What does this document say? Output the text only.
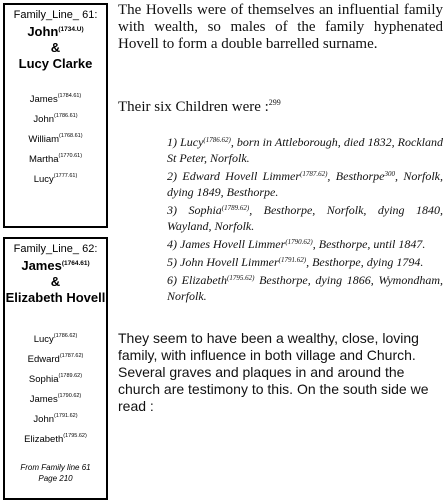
Family_Line_ 61:
John$^{(1734.U)}$
&
Lucy Clarke
James$^{(1784.61)}$
John$^{(1786.61)}$
William$^{(1768.61)}$
Martha$^{(1770.61)}$
Lucy$^{(1777.61)}$
Family_Line_ 62:
James$^{(1764.61)}$
&
Elizabeth Hovell
Lucy$^{(1786.62)}$
Edward$^{(1787.62)}$
Sophia$^{(1789.62)}$
James$^{(1790.62)}$
John$^{(1791.62)}$
Elizabeth$^{(1795.62)}$
From Family line 61
Page 210
The Hovells were of themselves an influential family with wealth, so males of the family hyphenated Hovell to form a double barrelled surname.
Their six Children were :$^{299}$

1) Lucy$^{(1786.62)}$, born in Attleborough, died 1832, Rockland St Peter, Norfolk.

2) Edward Hovell Limmer$^{(1787.62)}$, Besthorpe$^{300}$, Norfolk, dying 1849, Besthorpe.

3) Sophia$^{(1789.62)}$, Besthorpe, Norfolk, dying 1840, Wayland, Norfolk.

4) James Hovell Limmer$^{(1790.62)}$, Besthorpe, until 1847.

5) John Hovell Limmer$^{(1791.62)}$, Besthorpe, dying 1794.

6) Elizabeth$^{(1795.62)}$ Besthorpe, dying 1866, Wymondham, Norfolk.

They seem to have been a wealthy, close, loving family, with influence in both village and Church. Several graves and plaques in and around the church are testimony to this. On the south side we read :
